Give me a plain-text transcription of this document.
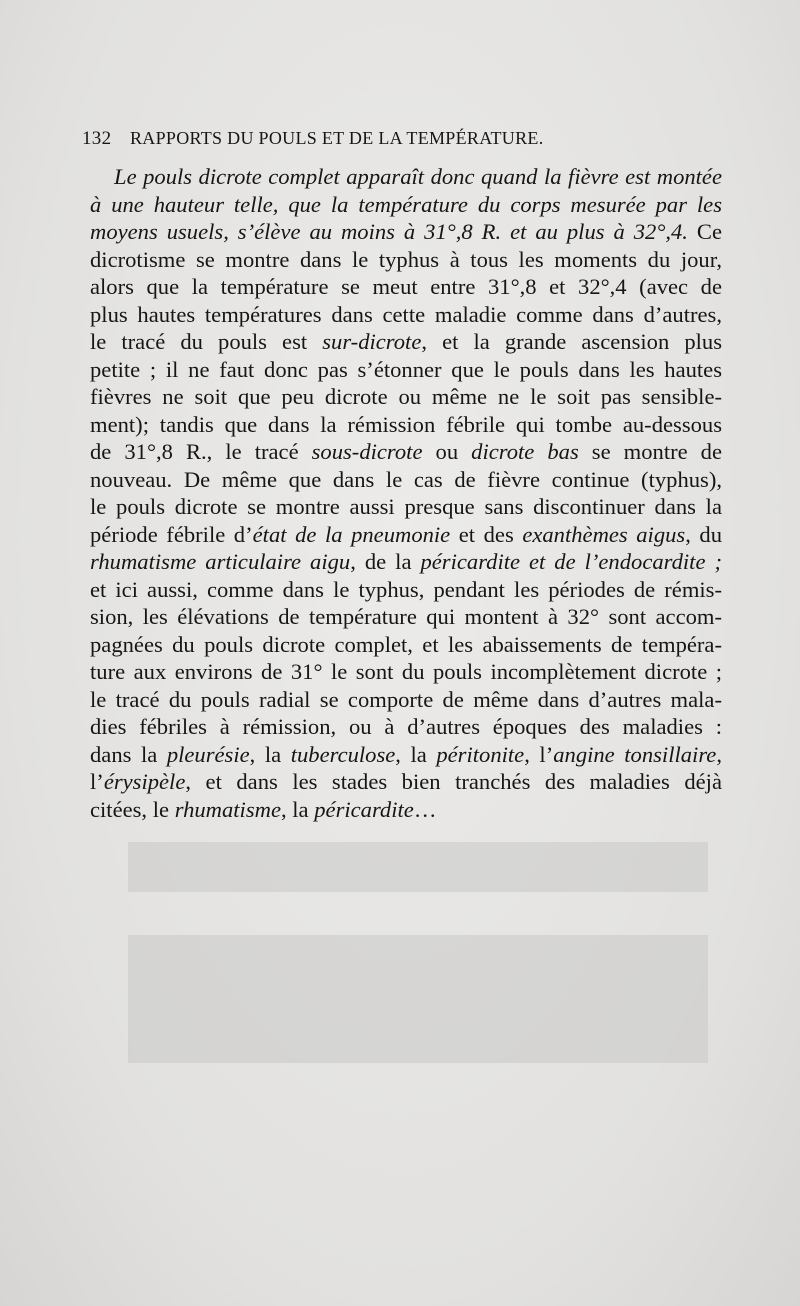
132	RAPPORTS DU POULS ET DE LA TEMPÉRATURE.
Le pouls dicrote complet apparaît donc quand la fièvre est montée
à une hauteur telle, que la température du corps mesurée par les
moyens usuels, s’élève au moins à 31°,8 R. et au plus à 32°,4. Ce
dicrotisme se montre dans le typhus à tous les moments du jour,
alors que la température se meut entre 31°,8 et 32°,4 (avec de
plus hautes températures dans cette maladie comme dans d’autres,
le tracé du pouls est sur-dicrote, et la grande ascension plus
petite ; il ne faut donc pas s’étonner que le pouls dans les hautes
fièvres ne soit que peu dicrote ou même ne le soit pas sensible-
ment); tandis que dans la rémission fébrile qui tombe au-dessous
de 31°,8 R., le tracé sous-dicrote ou dicrote bas se montre de
nouveau. De même que dans le cas de fièvre continue (typhus),
le pouls dicrote se montre aussi presque sans discontinuer dans la
période fébrile d’état de la pneumonie et des exanthèmes aigus, du
rhumatisme articulaire aigu, de la péricardite et de l’endocardite ;
et ici aussi, comme dans le typhus, pendant les périodes de rémis-
sion, les élévations de température qui montent à 32° sont accom-
pagnées du pouls dicrote complet, et les abaissements de tempéra-
ture aux environs de 31° le sont du pouls incomplètement dicrote ;
le tracé du pouls radial se comporte de même dans d’autres mala-
dies fébriles à rémission, ou à d’autres époques des maladies :
dans la pleurésie, la tuberculose, la péritonite, l’angine tonsillaire,
l’érysipèle, et dans les stades bien tranchés des maladies déjà
citées, le rhumatisme, la péricardite…
